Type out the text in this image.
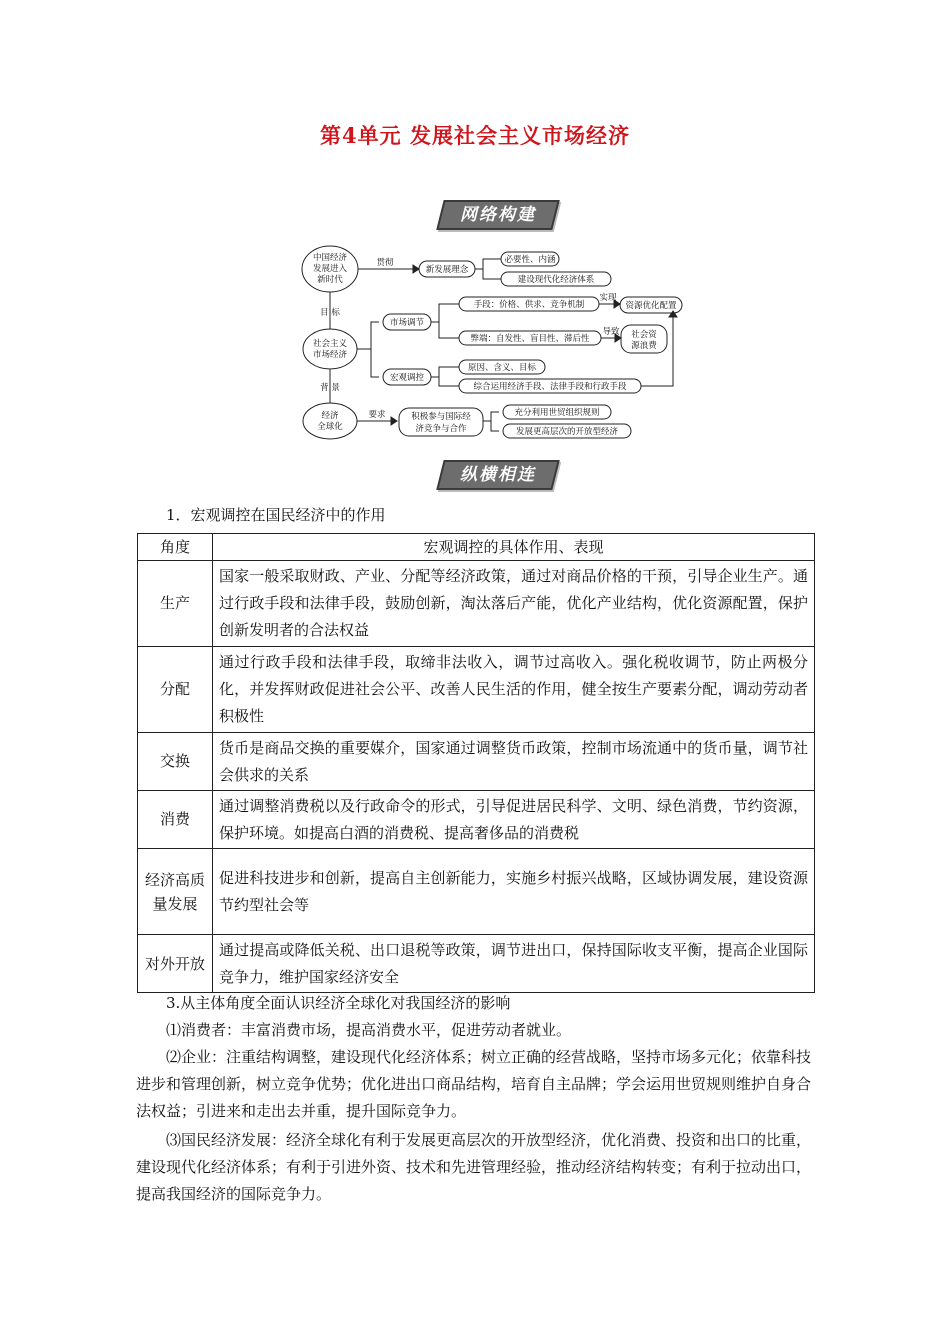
第4单元 发展社会主义市场经济
网络构建
中国经济
发展进入
新时代
社会主义
市场经济
经济
全球化
贯彻
目 标
背 景
要求
新发展理念
必要性、内涵
建设现代化经济体系
市场调节
手段：价格、供求、竞争机制
实现
资源优化配置
弊端：自发性、盲目性、滞后性
导致 社会资
源浪费
宏观调控
原因、含义、目标
综合运用经济手段、法律手段和行政手段
积极参与国际经
济竞争与合作
充分利用世贸组织规则
发展更高层次的开放型经济
纵横相连
1．宏观调控在国民经济中的作用
角度	宏观调控的具体作用、表现
生产	国家一般采取财政、产业、分配等经济政策，通过对商品价格的干预，引导企业生产。通过行政手段和法律手段，鼓励创新，淘汰落后产能，优化产业结构，优化资源配置，保护创新发明者的合法权益
分配	通过行政手段和法律手段，取缔非法收入，调节过高收入。强化税收调节，防止两极分化，并发挥财政促进社会公平、改善人民生活的作用，健全按生产要素分配，调动劳动者积极性
交换	货币是商品交换的重要媒介，国家通过调整货币政策，控制市场流通中的货币量，调节社会供求的关系
消费	通过调整消费税以及行政命令的形式，引导促进居民科学、文明、绿色消费，节约资源，保护环境。如提高白酒的消费税、提高奢侈品的消费税
经济高质量发展	促进科技进步和创新，提高自主创新能力，实施乡村振兴战略，区域协调发展，建设资源节约型社会等
对外开放	通过提高或降低关税、出口退税等政策，调节进出口，保持国际收支平衡，提高企业国际竞争力，维护国家经济安全
3.从主体角度全面认识经济全球化对我国经济的影响
⑴消费者：丰富消费市场，提高消费水平，促进劳动者就业。
⑵企业：注重结构调整，建设现代化经济体系；树立正确的经营战略，坚持市场多元化；依靠科技进步和管理创新，树立竞争优势；优化进出口商品结构，培育自主品牌；学会运用世贸规则维护自身合法权益；引进来和走出去并重，提升国际竞争力。
⑶国民经济发展：经济全球化有利于发展更高层次的开放型经济，优化消费、投资和出口的比重，建设现代化经济体系；有利于引进外资、技术和先进管理经验，推动经济结构转变；有利于拉动出口，提高我国经济的国际竞争力。
